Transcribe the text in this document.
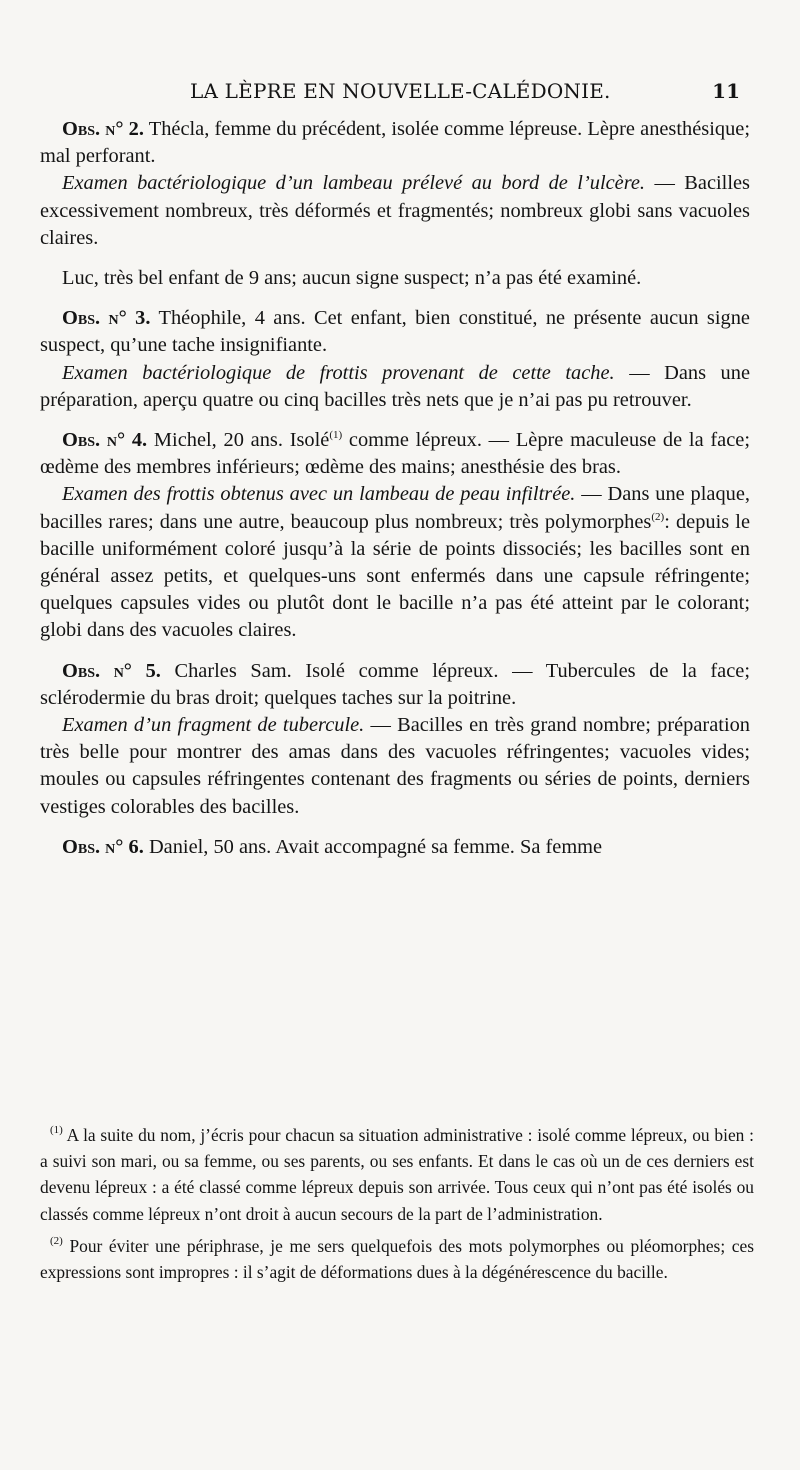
LA LÈPRE EN NOUVELLE-CALÉDONIE.	11

Obs. n° 2. Thécla, femme du précédent, isolée comme lépreuse. Lèpre anesthésique; mal perforant.

Examen bactériologique d’un lambeau prélevé au bord de l’ulcère. — Bacilles excessivement nombreux, très déformés et fragmentés; nombreux globi sans vacuoles claires.

Luc, très bel enfant de 9 ans; aucun signe suspect; n’a pas été examiné.

Obs. n° 3. Théophile, 4 ans. Cet enfant, bien constitué, ne présente aucun signe suspect, qu’une tache insignifiante.

Examen bactériologique de frottis provenant de cette tache. — Dans une préparation, aperçu quatre ou cinq bacilles très nets que je n’ai pas pu retrouver.

Obs. n° 4. Michel, 20 ans. Isolé$^{(1)}$ comme lépreux. — Lèpre maculeuse de la face; œdème des membres inférieurs; œdème des mains; anesthésie des bras.

Examen des frottis obtenus avec un lambeau de peau infiltrée. — Dans une plaque, bacilles rares; dans une autre, beaucoup plus nombreux; très polymorphes$^{(2)}$: depuis le bacille uniformément coloré jusqu’à la série de points dissociés; les bacilles sont en général assez petits, et quelques-uns sont enfermés dans une capsule réfringente; quelques capsules vides ou plutôt dont le bacille n’a pas été atteint par le colorant; globi dans des vacuoles claires.

Obs. n° 5. Charles Sam. Isolé comme lépreux. — Tubercules de la face; sclérodermie du bras droit; quelques taches sur la poitrine.

Examen d’un fragment de tubercule. — Bacilles en très grand nombre; préparation très belle pour montrer des amas dans des vacuoles réfringentes; vacuoles vides; moules ou capsules réfringentes contenant des fragments ou séries de points, derniers vestiges colorables des bacilles.

Obs. n° 6. Daniel, 50 ans. Avait accompagné sa femme. Sa femme

$^{(1)}$ A la suite du nom, j’écris pour chacun sa situation administrative : isolé comme lépreux, ou bien : a suivi son mari, ou sa femme, ou ses parents, ou ses enfants. Et dans le cas où un de ces derniers est devenu lépreux : a été classé comme lépreux depuis son arrivée. Tous ceux qui n’ont pas été isolés ou classés comme lépreux n’ont droit à aucun secours de la part de l’administration.

$^{(2)}$ Pour éviter une périphrase, je me sers quelquefois des mots polymorphes ou pléomorphes; ces expressions sont impropres : il s’agit de déformations dues à la dégénérescence du bacille.
